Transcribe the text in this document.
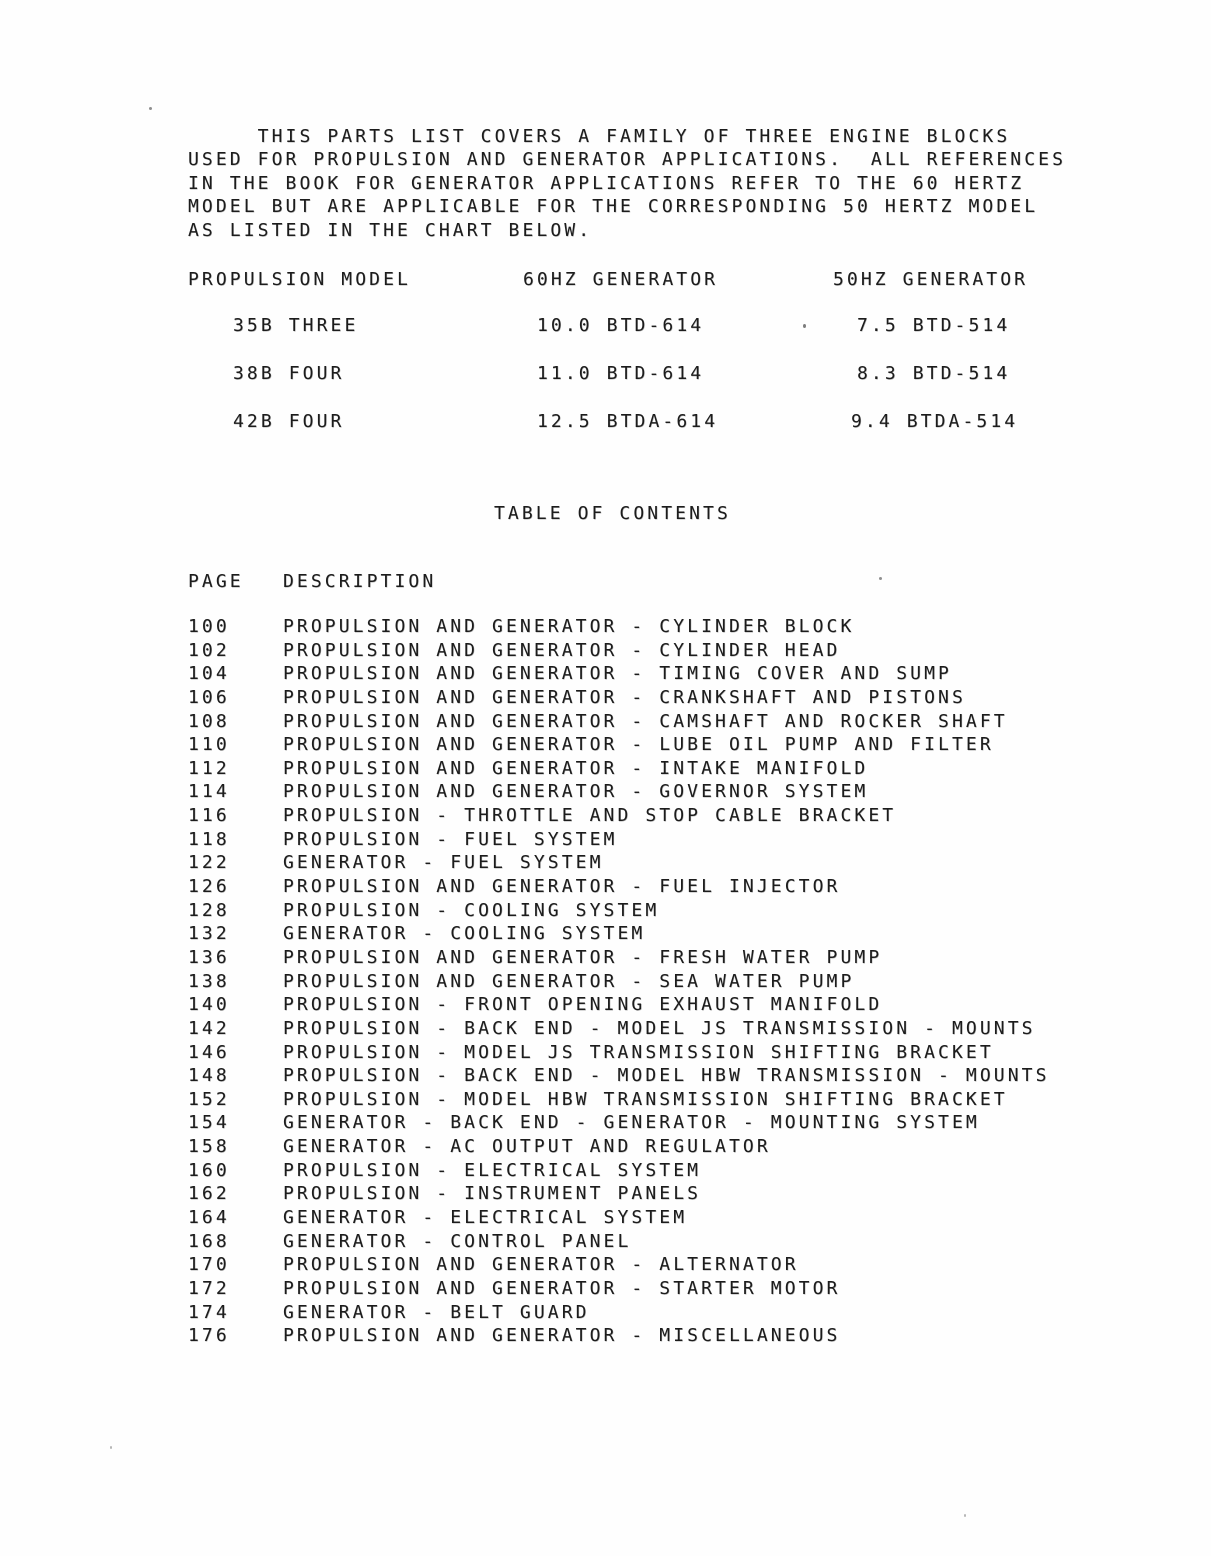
THIS PARTS LIST COVERS A FAMILY OF THREE ENGINE BLOCKS
USED FOR PROPULSION AND GENERATOR APPLICATIONS.  ALL REFERENCES
IN THE BOOK FOR GENERATOR APPLICATIONS REFER TO THE 60 HERTZ
MODEL BUT ARE APPLICABLE FOR THE CORRESPONDING 50 HERTZ MODEL
AS LISTED IN THE CHART BELOW.
PROPULSION MODEL	60HZ GENERATOR	50HZ GENERATOR
35B THREE	10.0 BTD-614	7.5 BTD-514
38B FOUR	11.0 BTD-614	8.3 BTD-514
42B FOUR	12.5 BTDA-614	9.4 BTDA-514
TABLE OF CONTENTS
PAGE DESCRIPTION
100	PROPULSION AND GENERATOR - CYLINDER BLOCK
102	PROPULSION AND GENERATOR - CYLINDER HEAD
104	PROPULSION AND GENERATOR - TIMING COVER AND SUMP
106	PROPULSION AND GENERATOR - CRANKSHAFT AND PISTONS
108	PROPULSION AND GENERATOR - CAMSHAFT AND ROCKER SHAFT
110	PROPULSION AND GENERATOR - LUBE OIL PUMP AND FILTER
112	PROPULSION AND GENERATOR - INTAKE MANIFOLD
114	PROPULSION AND GENERATOR - GOVERNOR SYSTEM
116	PROPULSION - THROTTLE AND STOP CABLE BRACKET
118	PROPULSION - FUEL SYSTEM
122	GENERATOR - FUEL SYSTEM
126	PROPULSION AND GENERATOR - FUEL INJECTOR
128	PROPULSION - COOLING SYSTEM
132	GENERATOR - COOLING SYSTEM
136	PROPULSION AND GENERATOR - FRESH WATER PUMP
138	PROPULSION AND GENERATOR - SEA WATER PUMP
140	PROPULSION - FRONT OPENING EXHAUST MANIFOLD
142	PROPULSION - BACK END - MODEL JS TRANSMISSION - MOUNTS
146	PROPULSION - MODEL JS TRANSMISSION SHIFTING BRACKET
148	PROPULSION - BACK END - MODEL HBW TRANSMISSION - MOUNTS
152	PROPULSION - MODEL HBW TRANSMISSION SHIFTING BRACKET
154	GENERATOR - BACK END - GENERATOR - MOUNTING SYSTEM
158	GENERATOR - AC OUTPUT AND REGULATOR
160	PROPULSION - ELECTRICAL SYSTEM
162	PROPULSION - INSTRUMENT PANELS
164	GENERATOR - ELECTRICAL SYSTEM
168	GENERATOR - CONTROL PANEL
170	PROPULSION AND GENERATOR - ALTERNATOR
172	PROPULSION AND GENERATOR - STARTER MOTOR
174	GENERATOR - BELT GUARD
176	PROPULSION AND GENERATOR - MISCELLANEOUS
